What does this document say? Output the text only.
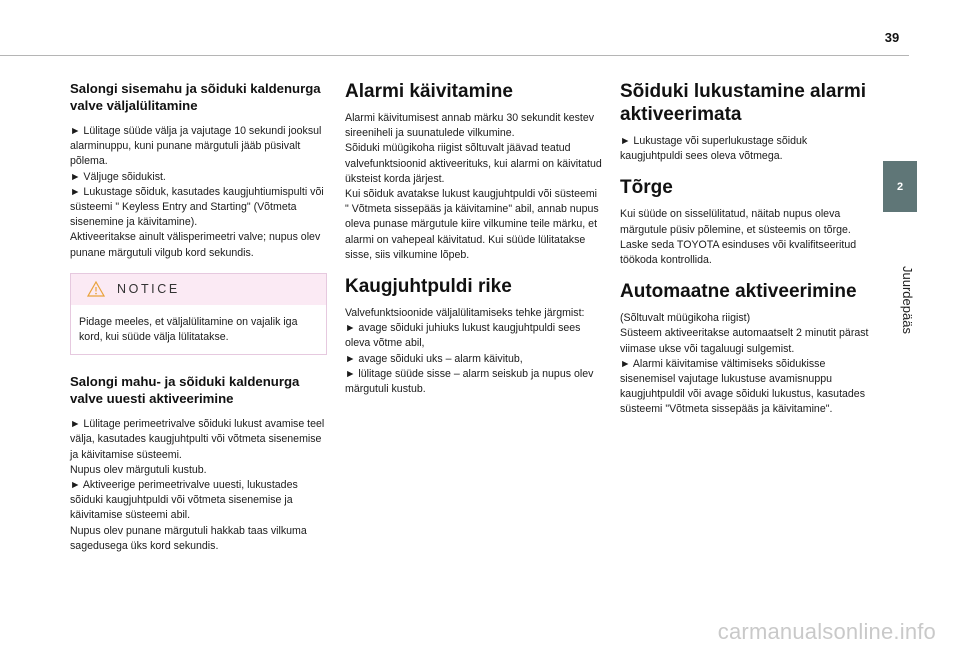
39
2
Juurdepääs
Salongi sisemahu ja sõiduki kaldenurga valve väljalülitamine

► Lülitage süüde välja ja vajutage 10 sekundi jooksul alarminuppu, kuni punane märgutuli jääb püsivalt põlema.
► Väljuge sõidukist.
► Lukustage sõiduk, kasutades kaugjuhtiumispulti või süsteemi " Keyless Entry and Starting" (Võtmeta sisenemine ja käivitamine).
Aktiveeritakse ainult välisperimeetri valve; nupus olev punane märgutuli vilgub kord sekundis.

NOTICE
Pidage meeles, et väljalülitamine on vajalik iga kord, kui süüde välja lülitatakse.
Salongi mahu- ja sõiduki kaldenurga valve uuesti aktiveerimine

► Lülitage perimeetrivalve sõiduki lukust avamise teel välja, kasutades kaugjuhtpulti või võtmeta sisenemise ja käivitamise süsteemi.
Nupus olev märgutuli kustub.
► Aktiveerige perimeetrivalve uuesti, lukustades sõiduki kaugjuhtpuldi või võtmeta sisenemise ja käivitamise süsteemi abil.
Nupus olev punane märgutuli hakkab taas vilkuma sagedusega üks kord sekundis.

Alarmi käivitamine

Alarmi käivitumisest annab märku 30 sekundit kestev sireeniheli ja suunatulede vilkumine.
Sõiduki müügikoha riigist sõltuvalt jäävad teatud valvefunktsioonid aktiveerituks, kui alarmi on käivitatud üksteist korda järjest.
Kui sõiduk avatakse lukust kaugjuhtpuldi või süsteemi " Võtmeta sissepääs ja käivitamine" abil, annab nupus oleva punase märgutule kiire vilkumine teile märku, et alarmi on vahepeal käivitatud. Kui süüde lülitatakse sisse, siis vilkumine lõpeb.

Kaugjuhtpuldi rike

Valvefunktsioonide väljalülitamiseks tehke järgmist:
► avage sõiduki juhiuks lukust kaugjuhtpuldi sees oleva võtme abil,
► avage sõiduki uks – alarm käivitub,
► lülitage süüde sisse – alarm seiskub ja nupus olev märgutuli kustub.

Sõiduki lukustamine alarmi aktiveerimata

► Lukustage või superlukustage sõiduk kaugjuhtpuldi sees oleva võtmega.

Tõrge

Kui süüde on sisselülitatud, näitab nupus oleva märgutule püsiv põlemine, et süsteemis on tõrge.
Laske seda TOYOTA esinduses või kvalifitseeritud töökoda kontrollida.

Automaatne aktiveerimine

(Sõltuvalt müügikoha riigist)
Süsteem aktiveeritakse automaatselt 2 minutit pärast viimase ukse või tagaluugi sulgemist.
► Alarmi käivitamise vältimiseks sõidukisse sisenemisel vajutage lukustuse avamisnuppu kaugjuhtpuldil või avage sõiduki lukustus, kasutades süsteemi "Võtmeta sissepääs ja käivitamine".

carmanualsonline.info
